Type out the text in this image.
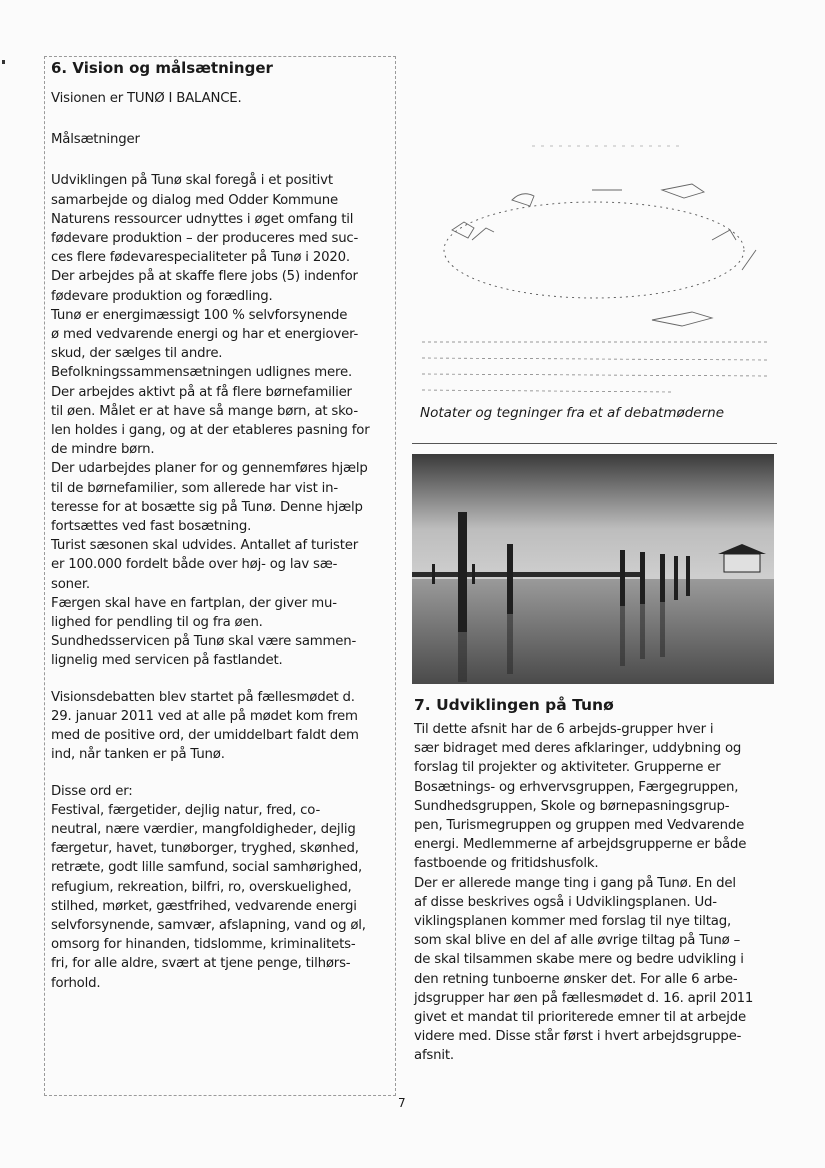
6. Vision og målsætninger

Visionen er TUNØ I BALANCE.

Målsætninger

Udviklingen på Tunø skal foregå i et positivt
samarbejde og dialog med Odder Kommune
Naturens ressourcer udnyttes i øget omfang til
fødevare produktion – der produceres med suc-
ces flere fødevarespecialiteter på Tunø i 2020.
Der arbejdes på at skaffe flere jobs (5) indenfor
fødevare produktion og forædling.
Tunø er energimæssigt 100 % selvforsynende
ø med vedvarende energi og har et energiover-
skud, der sælges til andre.
Befolkningssammensætningen udlignes mere.
Der arbejdes aktivt på at få flere børnefamilier
til øen. Målet er at have så mange børn, at sko-
len holdes i gang, og at der etableres pasning for
de mindre børn.
Der udarbejdes planer for og gennemføres hjælp
til de børnefamilier, som allerede har vist in-
teresse for at bosætte sig på Tunø. Denne hjælp
fortsættes ved fast bosætning.
Turist sæsonen skal udvides. Antallet af turister
er 100.000 fordelt både over høj- og lav sæ-
soner.
Færgen skal have en fartplan, der giver mu-
lighed for pendling til og fra øen.
Sundhedsservicen på Tunø skal være sammen-
lignelig med servicen på fastlandet.

Visionsdebatten blev startet på fællesmødet d.
29. januar 2011 ved at alle på mødet kom frem
med de positive ord, der umiddelbart faldt dem
ind, når tanken er på Tunø.

Disse ord er:

Festival, færgetider, dejlig natur, fred, co-
neutral, nære værdier, mangfoldigheder, dejlig
færgetur, havet, tunøborger, tryghed, skønhed,
retræte, godt lille samfund, social samhørighed,
refugium, rekreation, bilfri, ro, overskuelighed,
stilhed, mørket, gæstfrihed, vedvarende energi
selvforsynende, samvær, afslapning, vand og øl,
omsorg for hinanden, tidslomme, kriminalitets-
fri, for alle aldre, svært at tjene penge, tilhørs-
forhold.

Notater og tegninger fra et af debatmøderne
7. Udviklingen på Tunø
Til dette afsnit har de 6 arbejds-grupper hver i
sær bidraget med deres afklaringer, uddybning og
forslag til projekter og aktiviteter. Grupperne er
Bosætnings- og erhvervsgruppen, Færgegruppen,
Sundhedsgruppen, Skole og børnepasningsgrup-
pen, Turismegruppen og gruppen med Vedvarende
energi. Medlemmerne af arbejdsgrupperne er både
fastboende og fritidshusfolk.
Der er allerede mange ting i gang på Tunø. En del
af disse beskrives også i Udviklingsplanen. Ud-
viklingsplanen kommer med forslag til nye tiltag,
som skal blive en del af alle øvrige tiltag på Tunø –
de skal tilsammen skabe mere og bedre udvikling i
den retning tunboerne ønsker det. For alle 6 arbe-
jdsgrupper har øen på fællesmødet d. 16. april 2011
givet et mandat til prioriterede emner til at arbejde
videre med. Disse står først i hvert arbejdsgruppe-
afsnit.
7
